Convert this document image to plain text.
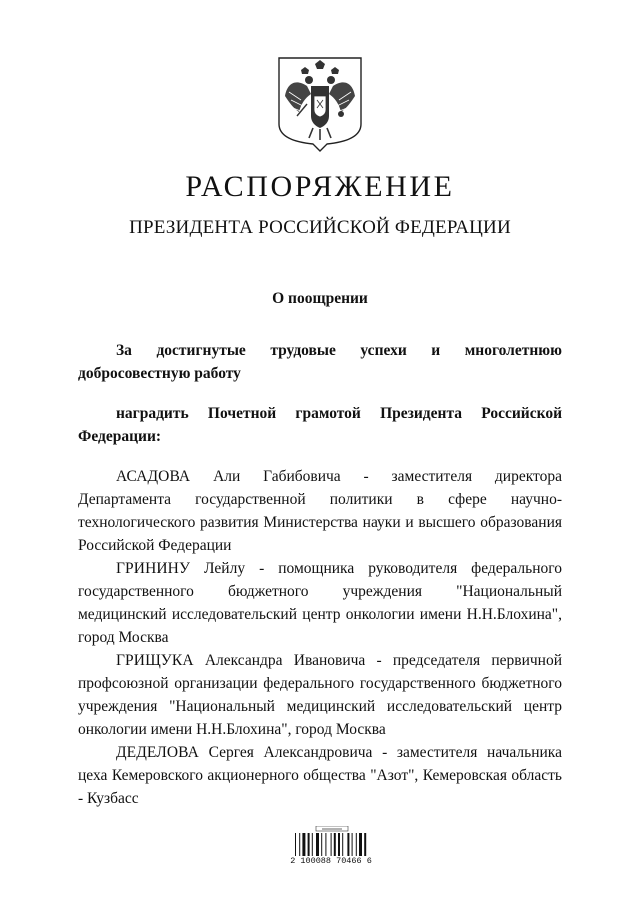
РАСПОРЯЖЕНИЕ
ПРЕЗИДЕНТА РОССИЙСКОЙ ФЕДЕРАЦИИ
О поощрении

За достигнутые трудовые успехи и многолетнюю добросовестную работу

наградить Почетной грамотой Президента Российской Федерации:

АСАДОВА Али Габибовича - заместителя директора Департамента государственной политики в сфере научно-технологического развития Министерства науки и высшего образования Российской Федерации

ГРИНИНУ Лейлу - помощника руководителя федерального государственного бюджетного учреждения "Национальный медицинский исследовательский центр онкологии имени Н.Н.Блохина", город Москва

ГРИЩУКА Александра Ивановича - председателя первичной профсоюзной организации федерального государственного бюджетного учреждения "Национальный медицинский исследовательский центр онкологии имени Н.Н.Блохина", город Москва

ДЕДЕЛОВА Сергея Александровича - заместителя начальника цеха Кемеровского акционерного общества "Азот", Кемеровская область - Кузбасс

2 100088 70466 6
